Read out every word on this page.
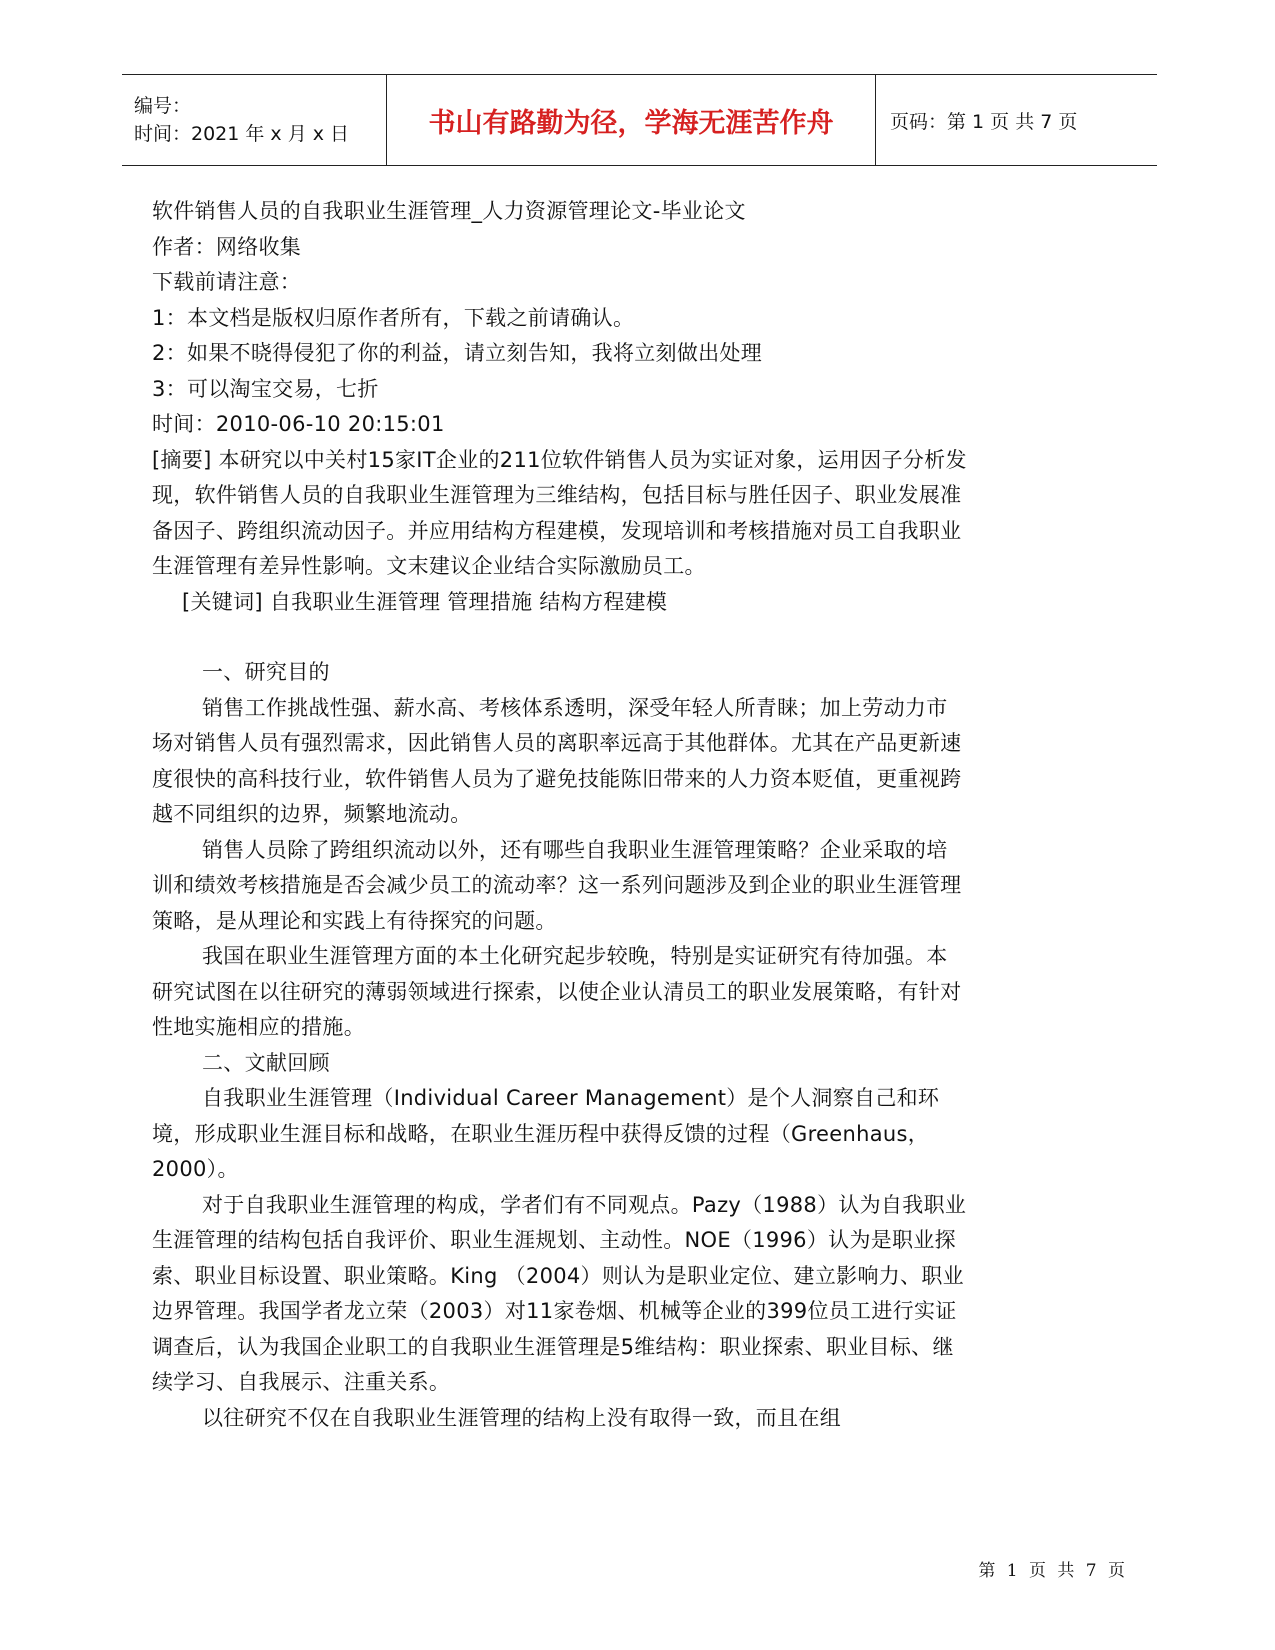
编号：
时间：2021 年 x 月 x 日	书山有路勤为径，学海无涯苦作舟	页码：第 1 页 共 7 页

软件销售人员的自我职业生涯管理_人力资源管理论文-毕业论文

作者：网络收集

下载前请注意：

1：本文档是版权归原作者所有，下载之前请确认。

2：如果不晓得侵犯了你的利益，请立刻告知，我将立刻做出处理

3：可以淘宝交易，七折

时间：2010-06-10 20:15:01

[摘要] 本研究以中关村15家IT企业的211位软件销售人员为实证对象，运用因子分析发现，软件销售人员的自我职业生涯管理为三维结构，包括目标与胜任因子、职业发展准备因子、跨组织流动因子。并应用结构方程建模，发现培训和考核措施对员工自我职业生涯管理有差异性影响。文末建议企业结合实际激励员工。

[关键词] 自我职业生涯管理 管理措施 结构方程建模

一、研究目的

销售工作挑战性强、薪水高、考核体系透明，深受年轻人所青睐；加上劳动力市场对销售人员有强烈需求，因此销售人员的离职率远高于其他群体。尤其在产品更新速度很快的高科技行业，软件销售人员为了避免技能陈旧带来的人力资本贬值，更重视跨越不同组织的边界，频繁地流动。

销售人员除了跨组织流动以外，还有哪些自我职业生涯管理策略？企业采取的培训和绩效考核措施是否会减少员工的流动率？这一系列问题涉及到企业的职业生涯管理策略，是从理论和实践上有待探究的问题。

我国在职业生涯管理方面的本土化研究起步较晚，特别是实证研究有待加强。本研究试图在以往研究的薄弱领域进行探索，以使企业认清员工的职业发展策略，有针对性地实施相应的措施。

二、文献回顾

自我职业生涯管理（Individual Career Management）是个人洞察自己和环境，形成职业生涯目标和战略，在职业生涯历程中获得反馈的过程（Greenhaus，2000）。

对于自我职业生涯管理的构成，学者们有不同观点。Pazy（1988）认为自我职业生涯管理的结构包括自我评价、职业生涯规划、主动性。NOE（1996）认为是职业探索、职业目标设置、职业策略。King （2004）则认为是职业定位、建立影响力、职业边界管理。我国学者龙立荣（2003）对11家卷烟、机械等企业的399位员工进行实证调查后，认为我国企业职工的自我职业生涯管理是5维结构：职业探索、职业目标、继续学习、自我展示、注重关系。

以往研究不仅在自我职业生涯管理的结构上没有取得一致，而且在组

第 1 页 共 7 页
